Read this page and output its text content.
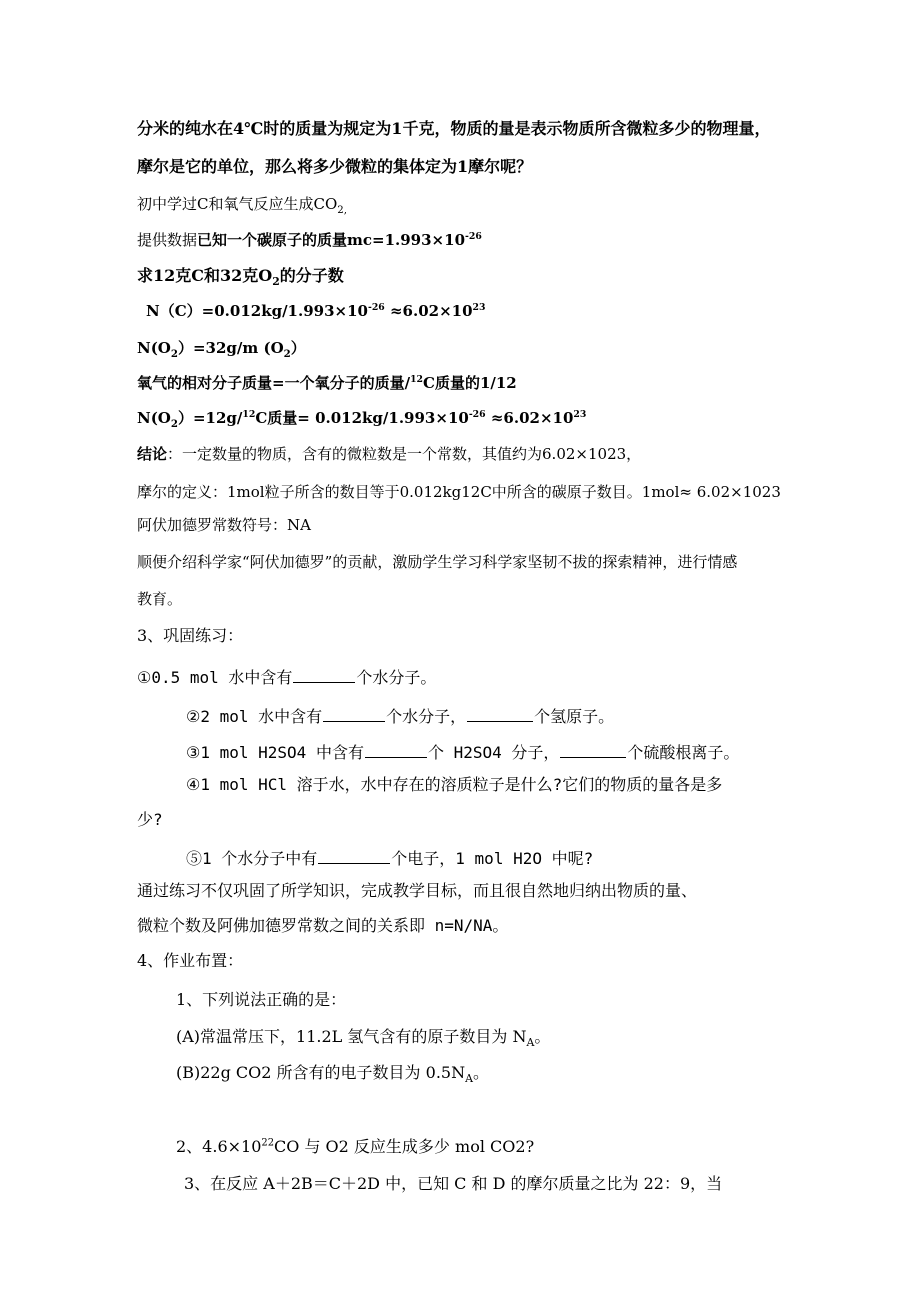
分米的纯水在4℃时的质量为规定为1千克，物质的量是表示物质所含微粒多少的物理量，
摩尔是它的单位，那么将多少微粒的集体定为1摩尔呢？
初中学过C和氧气反应生成$CO_{2,}$
提供数据已知一个碳原子的质量$mc=1.993\times 10^{-26}$
求12克C和32克$O_2$的分子数
$N(C)=0.012kg/1.993\times 10^{-26} \approx 6.02\times 10^{23}$
$N(O_2)=32g/m$ $(O_2)$
氧气的相对分子质量=一个氧分子的质量/$^{12}$C质量的1/12
$N(O_2)=12g/^{12}C$质量= $0.012kg/1.993\times 10^{-26} \approx 6.02\times 10^{23}$
结论：一定数量的物质，含有的微粒数是一个常数，其值约为6.02×1023，
摩尔的定义：1mol粒子所含的数目等于0.012kg12C中所含的碳原子数目。1mol≈ 6.02×1023
阿伏加德罗常数符号：NA
顺便介绍科学家“阿伏加德罗”的贡献，激励学生学习科学家坚韧不拔的探索精神，进行情感
教育。
3、巩固练习：
①0.5 mol 水中含有	个水分子。
②2 mol 水中含有	个水分子，	个氢原子。
③1 mol H2SO4 中含有	个 H2SO4 分子，	个硫酸根离子。
④1 mol HCl 溶于水，水中存在的溶质粒子是什么?它们的物质的量各是多
少?
⑤1 个水分子中有	个电子，1 mol H2O 中呢?
通过练习不仅巩固了所学知识，完成教学目标，而且很自然地归纳出物质的量、
微粒个数及阿佛加德罗常数之间的关系即 n=N/NA。
4、作业布置：
1、下列说法正确的是：
(A)常温常压下，11.2L 氢气含有的原子数目为 $N_A$。
(B)22g CO2 所含有的电子数目为 $0.5N_A$。
2、$4.6\times 10^{22}CO$ 与 O2 反应生成多少 mol CO2?
3、在反应 A＋2B＝C＋2D 中，已知 C 和 D 的摩尔质量之比为 22：9，当
